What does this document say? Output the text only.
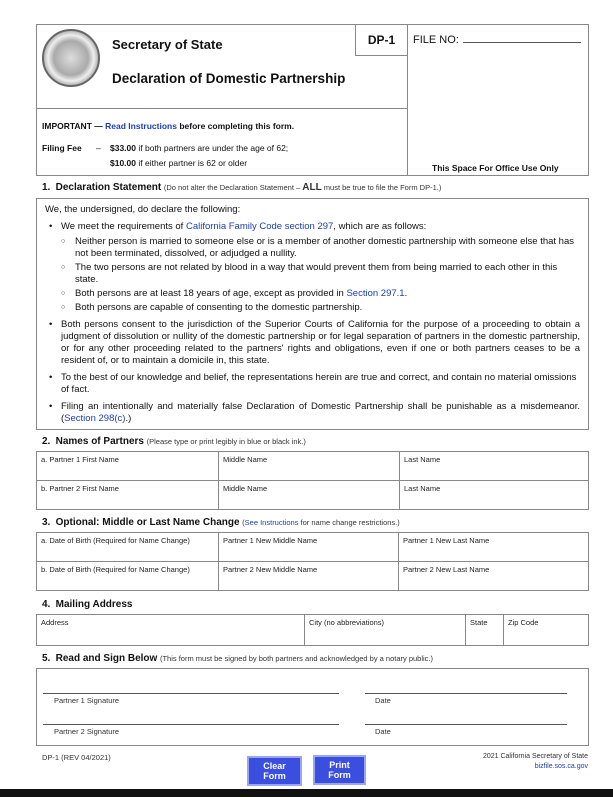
DP-1
Secretary of State
Declaration of Domestic Partnership
FILE NO:
This Space For Office Use Only
IMPORTANT — Read Instructions before completing this form.
Filing Fee – $33.00 if both partners are under the age of 62;
$10.00 if either partner is 62 or older
1. Declaration Statement (Do not alter the Declaration Statement – ALL must be true to file the Form DP-1.)
We, the undersigned, do declare the following:
• We meet the requirements of California Family Code section 297, which are as follows:
○ Neither person is married to someone else or is a member of another domestic partnership with someone else that has not been terminated, dissolved, or adjudged a nullity.
○ The two persons are not related by blood in a way that would prevent them from being married to each other in this state.
○ Both persons are at least 18 years of age, except as provided in Section 297.1.
○ Both persons are capable of consenting to the domestic partnership.
• Both persons consent to the jurisdiction of the Superior Courts of California for the purpose of a proceeding to obtain a judgment of dissolution or nullity of the domestic partnership or for legal separation of partners in the domestic partnership, or for any other proceeding related to the partners' rights and obligations, even if one or both partners ceases to be a resident of, or to maintain a domicile in, this state.
• To the best of our knowledge and belief, the representations herein are true and correct, and contain no material omissions of fact.
• Filing an intentionally and materially false Declaration of Domestic Partnership shall be punishable as a misdemeanor. (Section 298(c).)
2. Names of Partners (Please type or print legibly in blue or black ink.)
a. Partner 1 First Name	Middle Name	Last Name
b. Partner 2 First Name	Middle Name	Last Name
3. Optional: Middle or Last Name Change (See Instructions for name change restrictions.)
a. Date of Birth (Required for Name Change)	Partner 1 New Middle Name	Partner 1 New Last Name
b. Date of Birth (Required for Name Change)	Partner 2 New Middle Name	Partner 2 New Last Name
4. Mailing Address
Address	City (no abbreviations)	State	Zip Code
5. Read and Sign Below (This form must be signed by both partners and acknowledged by a notary public.)
Partner 1 Signature	Date
Partner 2 Signature	Date
DP-1 (REV 04/2021)
Clear Form
Print Form
2021 California Secretary of State
bizfile.sos.ca.gov
